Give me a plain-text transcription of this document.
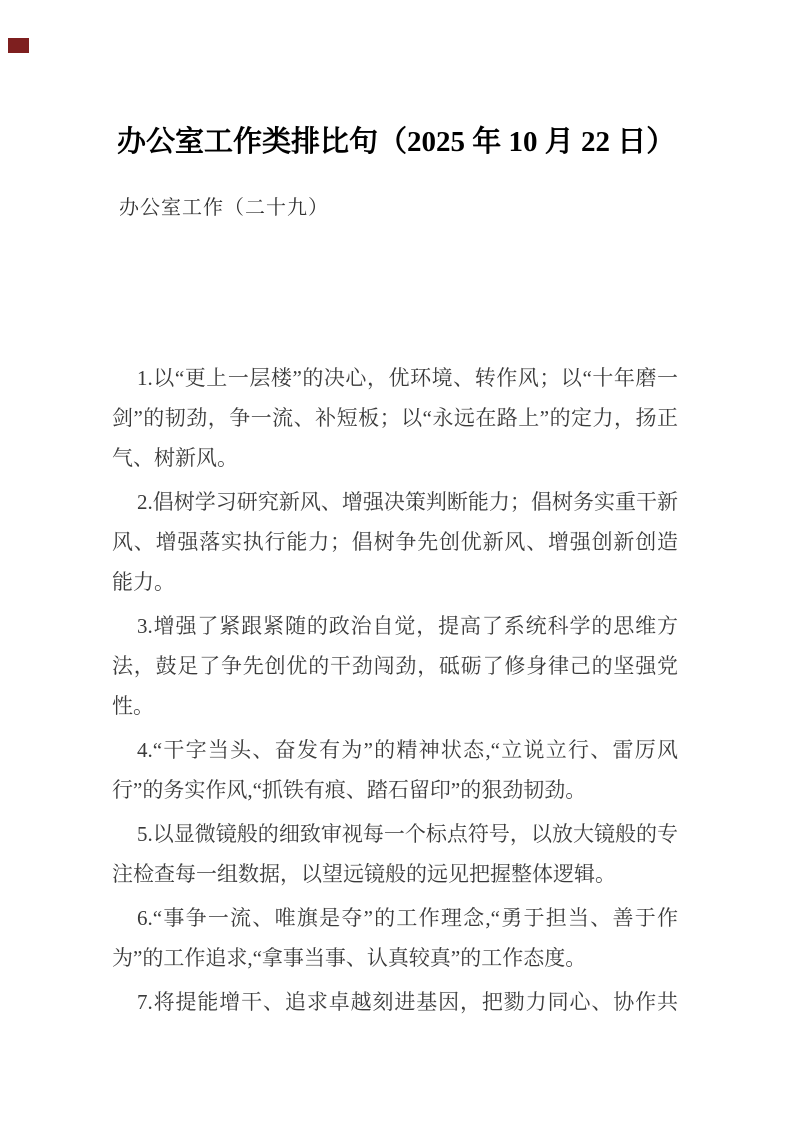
办公室工作类排比句（2025 年 10 月 22 日）
办公室工作（二十九）

1.以“更上一层楼”的决心，优环境、转作风；以“十年磨一剑”的韧劲，争一流、补短板；以“永远在路上”的定力，扬正气、树新风。

2.倡树学习研究新风、增强决策判断能力；倡树务实重干新风、增强落实执行能力；倡树争先创优新风、增强创新创造能力。

3.增强了紧跟紧随的政治自觉，提高了系统科学的思维方法，鼓足了争先创优的干劲闯劲，砥砺了修身律己的坚强党性。

4.“干字当头、奋发有为”的精神状态,“立说立行、雷厉风行”的务实作风,“抓铁有痕、踏石留印”的狠劲韧劲。

5.以显微镜般的细致审视每一个标点符号，以放大镜般的专注检查每一组数据，以望远镜般的远见把握整体逻辑。

6.“事争一流、唯旗是夺”的工作理念,“勇于担当、善于作为”的工作追求,“拿事当事、认真较真”的工作态度。

7.将提能增干、追求卓越刻进基因，把勠力同心、协作共
